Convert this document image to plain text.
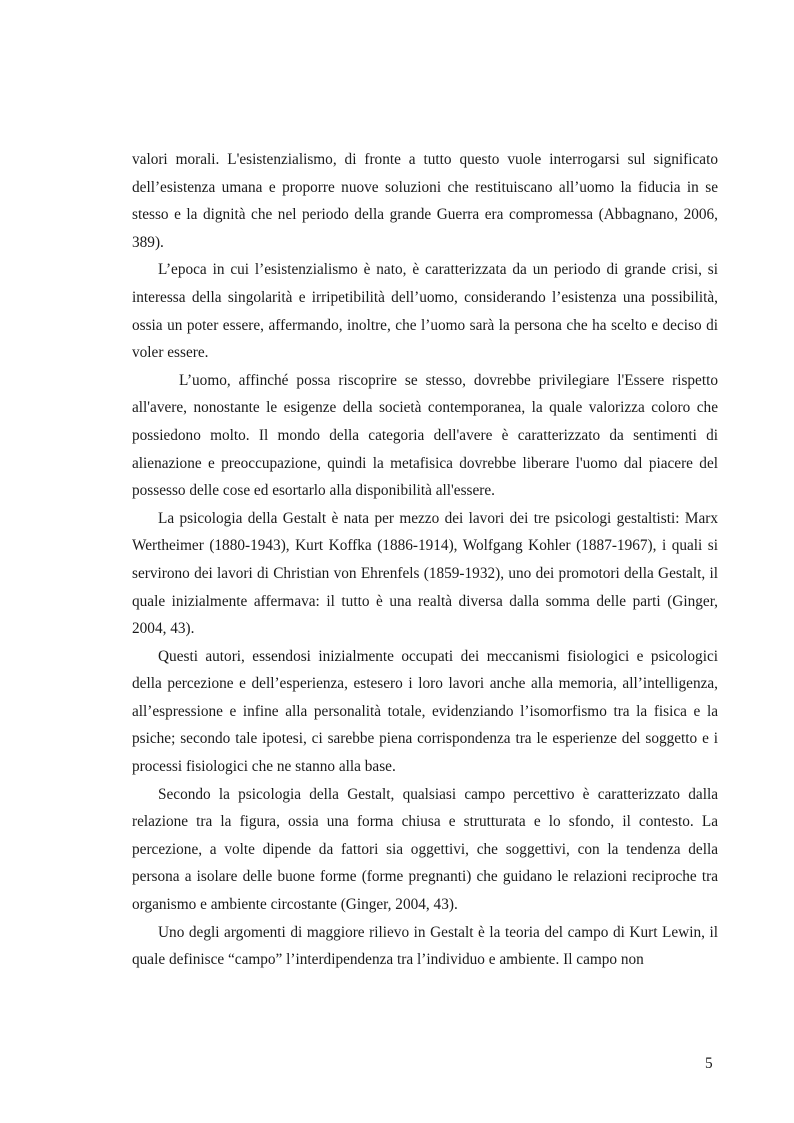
valori morali. L'esistenzialismo, di fronte a tutto questo vuole interrogarsi sul significato dell’esistenza umana e proporre nuove soluzioni che restituiscano all’uomo la fiducia in se stesso e la dignità che nel periodo della grande Guerra era compromessa (Abbagnano, 2006, 389).

L’epoca in cui l’esistenzialismo è nato, è caratterizzata da un periodo di grande crisi, si interessa della singolarità e irripetibilità dell’uomo, considerando l’esistenza una possibilità, ossia un poter essere, affermando, inoltre, che l’uomo sarà la persona che ha scelto e deciso di voler essere.

L’uomo, affinché possa riscoprire se stesso, dovrebbe privilegiare l'Essere rispetto all'avere, nonostante le esigenze della società contemporanea, la quale valorizza coloro che possiedono molto. Il mondo della categoria dell'avere è caratterizzato da sentimenti di alienazione e preoccupazione, quindi la metafisica dovrebbe liberare l'uomo dal piacere del possesso delle cose ed esortarlo alla disponibilità all'essere.

La psicologia della Gestalt è nata per mezzo dei lavori dei tre psicologi gestaltisti: Marx Wertheimer (1880-1943), Kurt Koffka (1886-1914), Wolfgang Kohler (1887-1967), i quali si servirono dei lavori di Christian von Ehrenfels (1859-1932), uno dei promotori della Gestalt, il quale inizialmente affermava: il tutto è una realtà diversa dalla somma delle parti (Ginger, 2004, 43).

Questi autori, essendosi inizialmente occupati dei meccanismi fisiologici e psicologici della percezione e dell’esperienza, estesero i loro lavori anche alla memoria, all’intelligenza, all’espressione e infine alla personalità totale, evidenziando l’isomorfismo tra la fisica e la psiche; secondo tale ipotesi, ci sarebbe piena corrispondenza tra le esperienze del soggetto e i processi fisiologici che ne stanno alla base.

Secondo la psicologia della Gestalt, qualsiasi campo percettivo è caratterizzato dalla relazione tra la figura, ossia una forma chiusa e strutturata e lo sfondo, il contesto. La percezione, a volte dipende da fattori sia oggettivi, che soggettivi, con la tendenza della persona a isolare delle buone forme (forme pregnanti) che guidano le relazioni reciproche tra organismo e ambiente circostante (Ginger, 2004, 43).

Uno degli argomenti di maggiore rilievo in Gestalt è la teoria del campo di Kurt Lewin, il quale definisce “campo” l’interdipendenza tra l’individuo e ambiente. Il campo non

5
